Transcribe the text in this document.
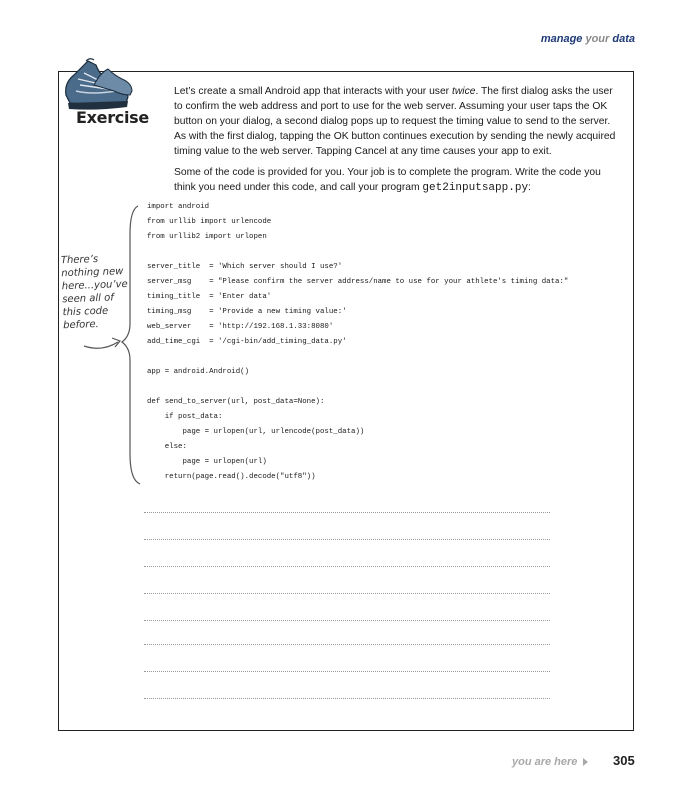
manage your data
Exercise

Let’s create a small Android app that interacts with your user twice. The first dialog asks the user to confirm the web address and port to use for the web server. Assuming your user taps the OK button on your dialog, a second dialog pops up to request the timing value to send to the server. As with the first dialog, tapping the OK button continues execution by sending the newly acquired timing value to the web server. Tapping Cancel at any time causes your app to exit.

Some of the code is provided for you. Your job is to complete the program. Write the code you think you need under this code, and call your program get2inputsapp.py:

There’s nothing new here...you’ve seen all of this code before.

import android

from urllib import urlencode

from urllib2 import urlopen

server_title  = 'Which server should I use?'

server_msg    = "Please confirm the server address/name to use for your athlete's timing data:"

timing_title  = 'Enter data'

timing_msg    = 'Provide a new timing value:'

web_server    = 'http://192.168.1.33:8080'

add_time_cgi  = '/cgi-bin/add_timing_data.py'

app = android.Android()

def send_to_server(url, post_data=None):

if post_data:

page = urlopen(url, urlencode(post_data))

else:

page = urlopen(url)

return(page.read().decode("utf8"))

you are here	305
